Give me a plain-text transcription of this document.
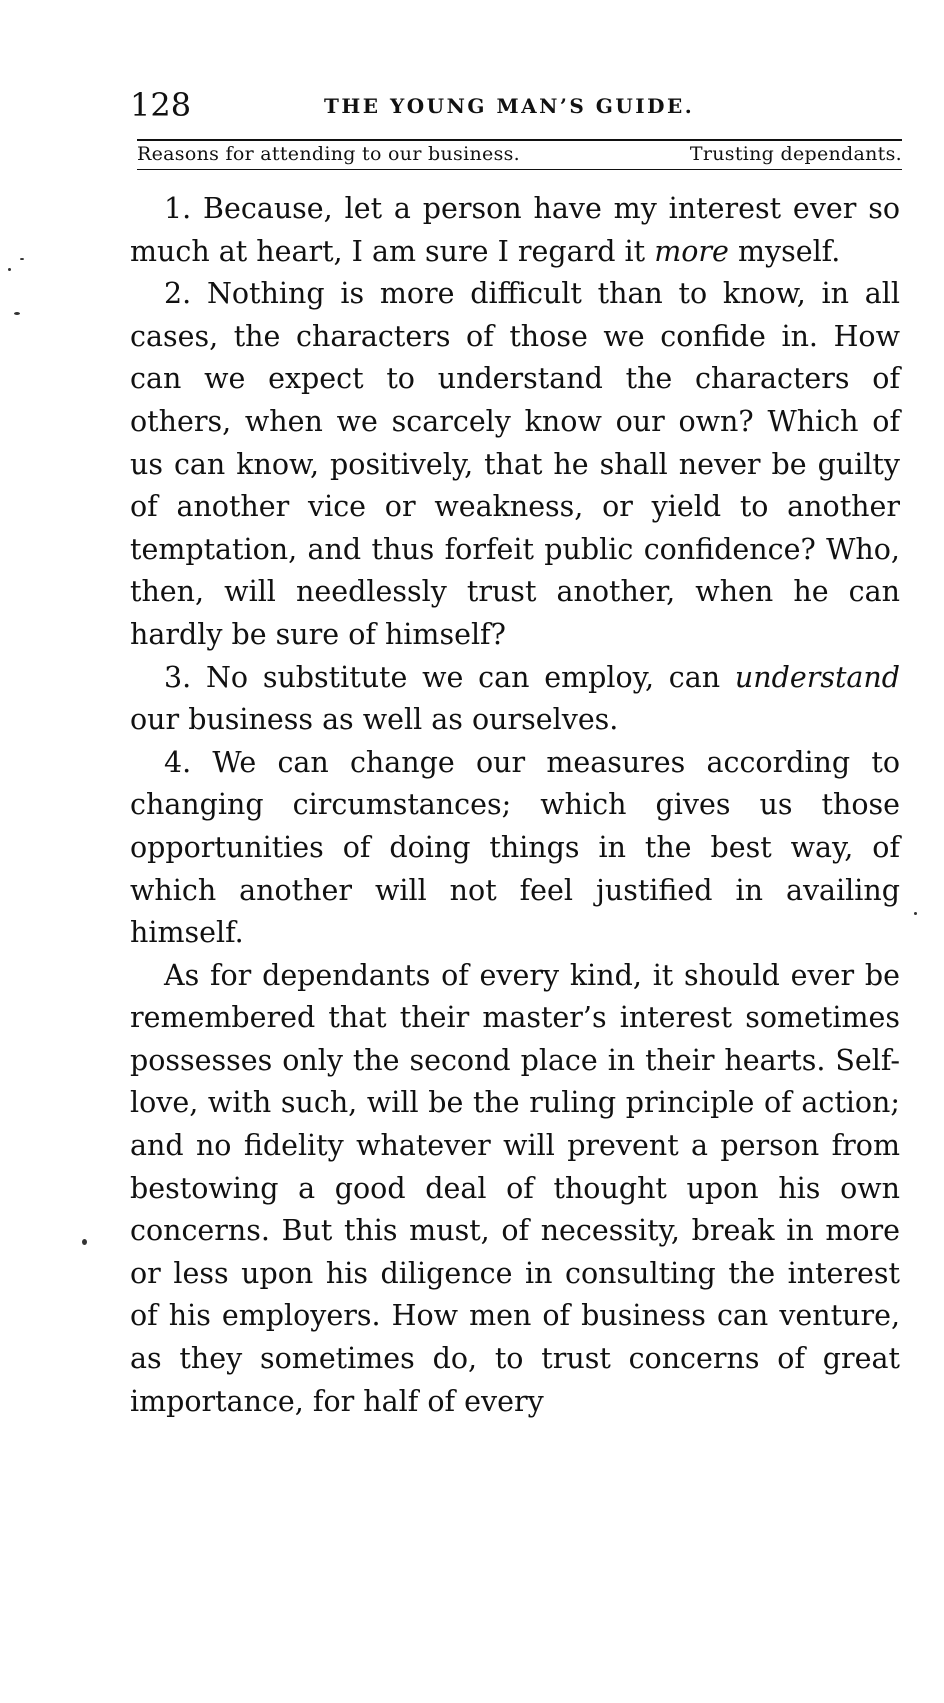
128	THE YOUNG MAN’S GUIDE.
Reasons for attending to our business.	Trusting dependants.

1. Because, let a person have my interest ever so much at heart, I am sure I regard it more myself.

2. Nothing is more difficult than to know, in all cases, the characters of those we confide in. How can we expect to understand the characters of others, when we scarcely know our own? Which of us can know, positively, that he shall never be guilty of another vice or weakness, or yield to another temptation, and thus forfeit public confidence? Who, then, will needlessly trust another, when he can hardly be sure of himself?

3. No substitute we can employ, can understand our business as well as ourselves.

4. We can change our measures according to changing circumstances; which gives us those opportunities of doing things in the best way, of which another will not feel justified in availing himself.

As for dependants of every kind, it should ever be remembered that their master’s interest sometimes possesses only the second place in their hearts. Self-love, with such, will be the ruling principle of action; and no fidelity whatever will prevent a person from bestowing a good deal of thought upon his own concerns. But this must, of necessity, break in more or less upon his diligence in consulting the interest of his employers. How men of business can venture, as they sometimes do, to trust concerns of great importance, for half of every
